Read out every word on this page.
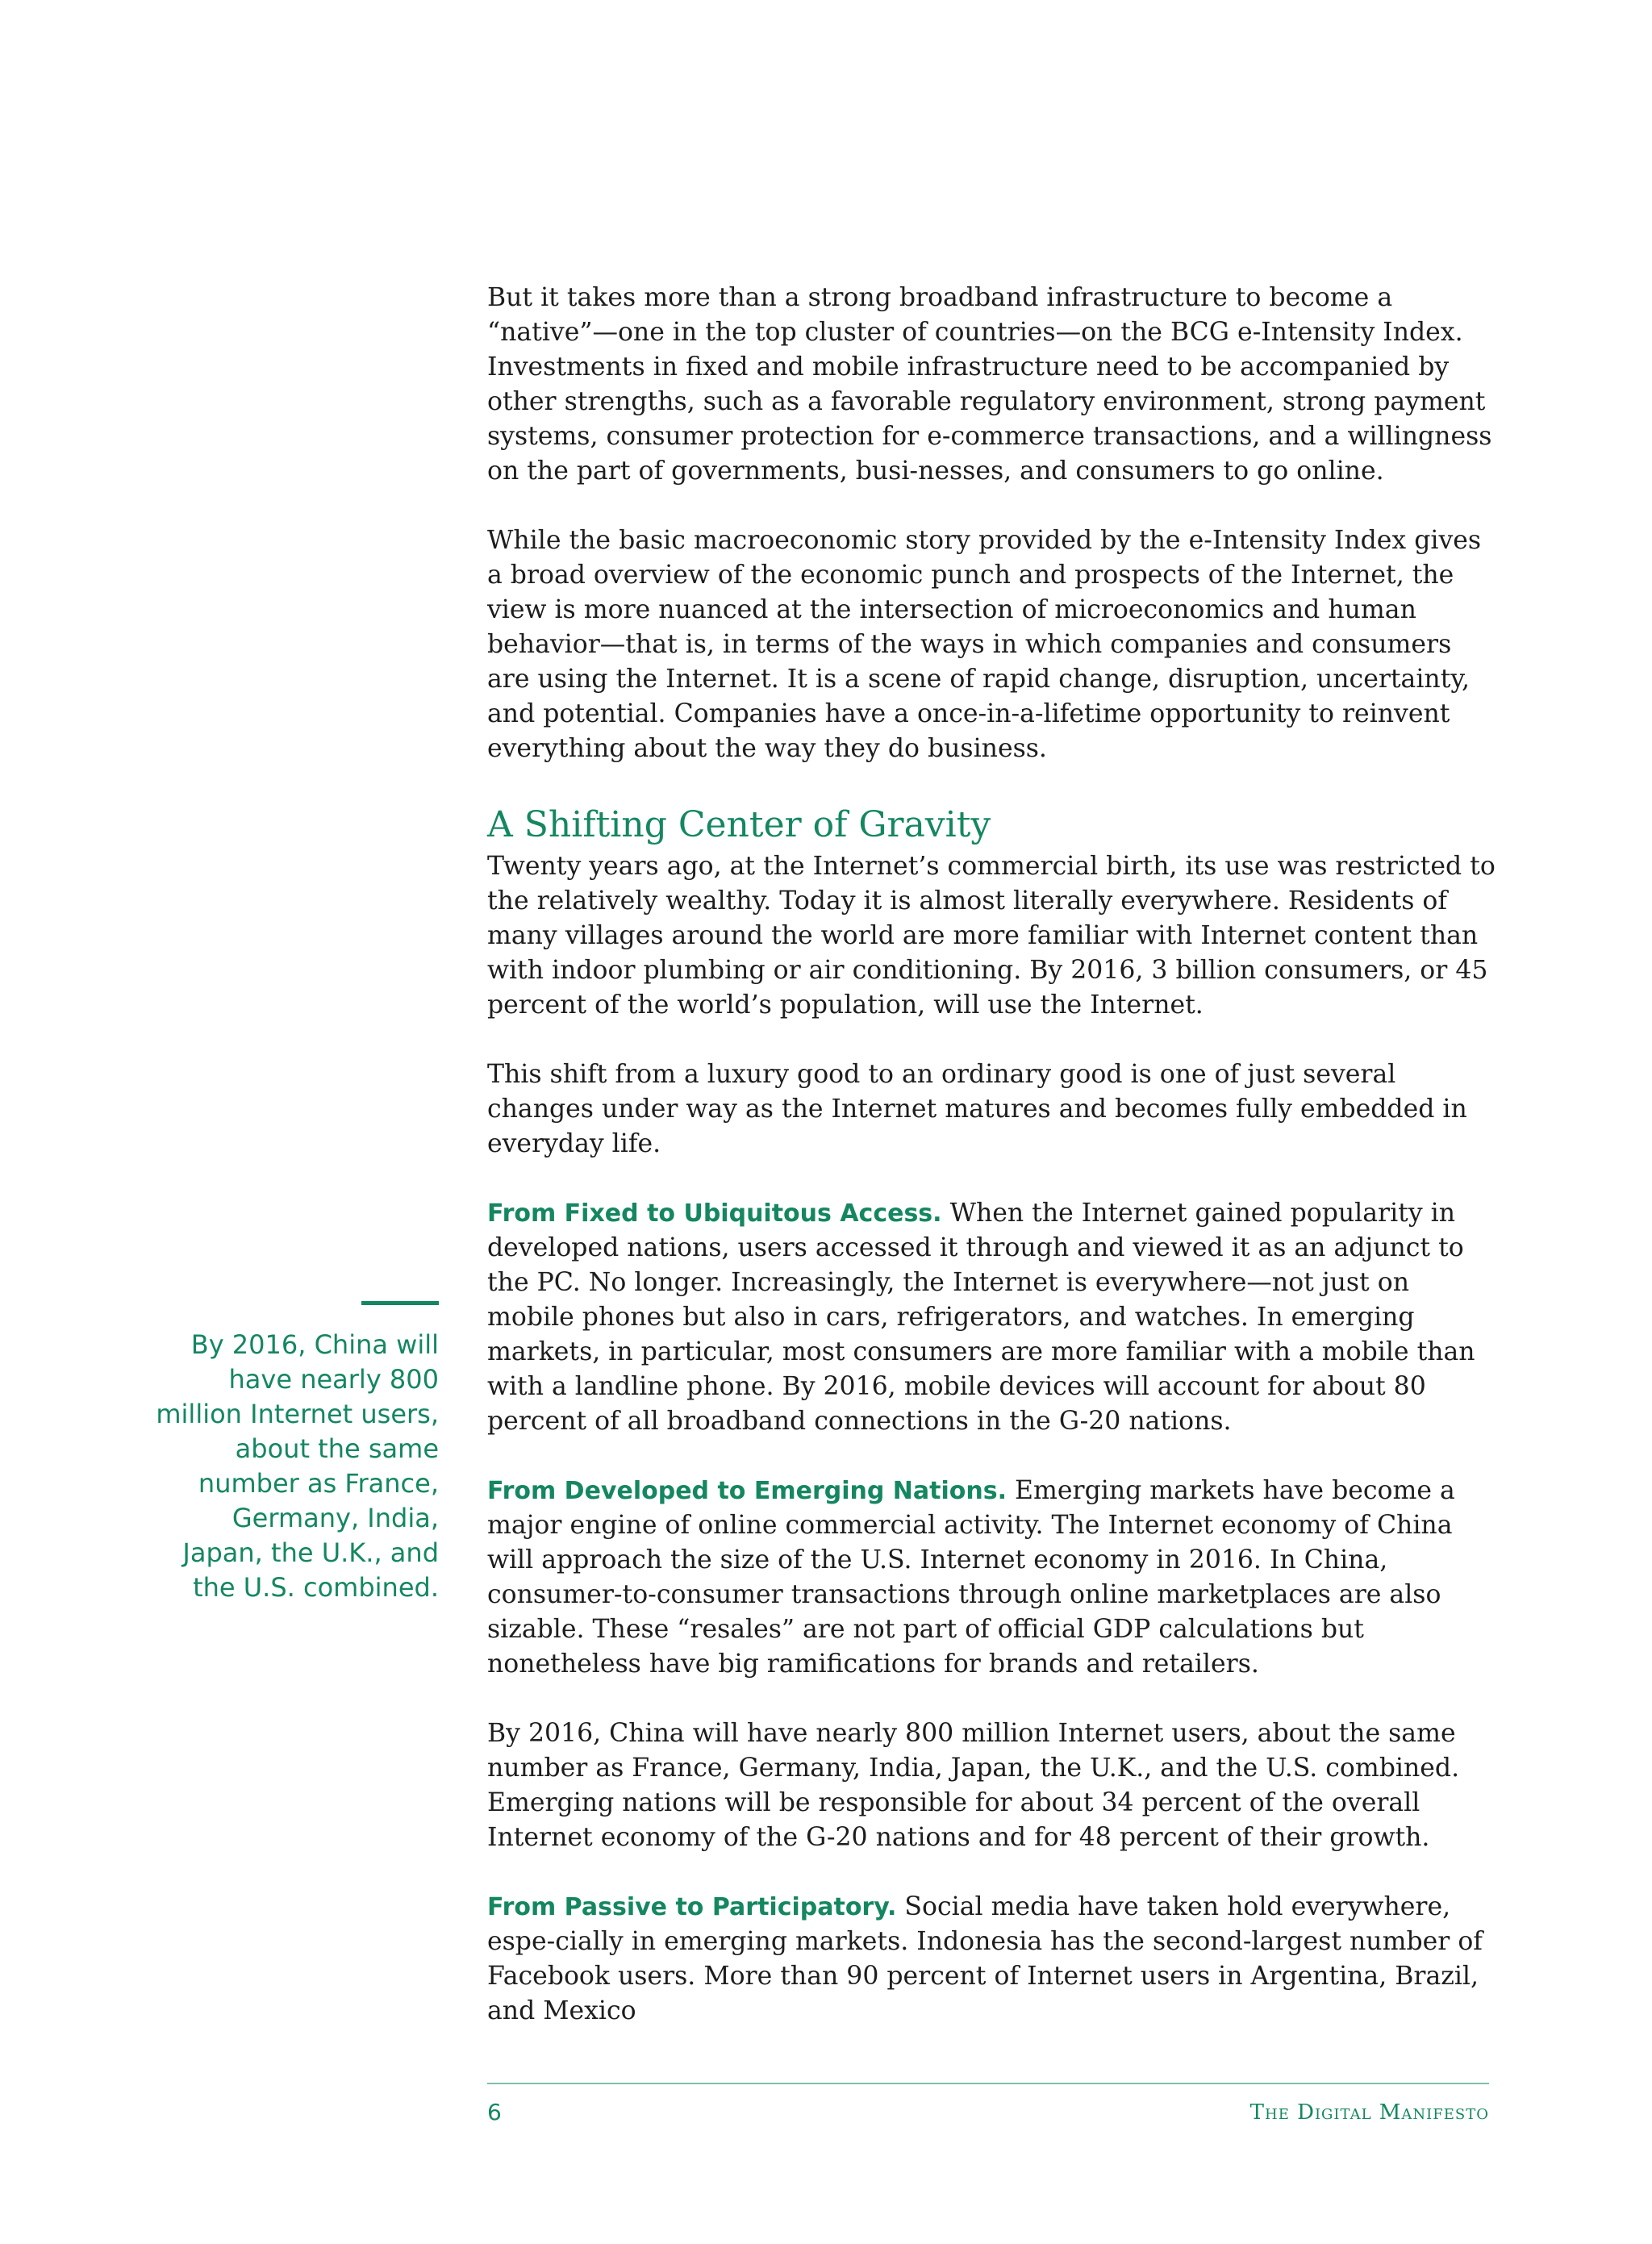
But it takes more than a strong broadband infrastructure to become a “native”—one in the top cluster of countries—on the BCG e-Intensity Index. Investments in fixed and mobile infrastructure need to be accompanied by other strengths, such as a favorable regulatory environment, strong payment systems, consumer protection for e-commerce transactions, and a willingness on the part of governments, busi-nesses, and consumers to go online.

While the basic macroeconomic story provided by the e-Intensity Index gives a broad overview of the economic punch and prospects of the Internet, the view is more nuanced at the intersection of microeconomics and human behavior—that is, in terms of the ways in which companies and consumers are using the Internet. It is a scene of rapid change, disruption, uncertainty, and potential. Companies have a once-in-a-lifetime opportunity to reinvent everything about the way they do business.

A Shifting Center of Gravity

Twenty years ago, at the Internet’s commercial birth, its use was restricted to the relatively wealthy. Today it is almost literally everywhere. Residents of many villages around the world are more familiar with Internet content than with indoor plumbing or air conditioning. By 2016, 3 billion consumers, or 45 percent of the world’s population, will use the Internet.

This shift from a luxury good to an ordinary good is one of just several changes under way as the Internet matures and becomes fully embedded in everyday life.

From Fixed to Ubiquitous Access. When the Internet gained popularity in developed nations, users accessed it through and viewed it as an adjunct to the PC. No longer. Increasingly, the Internet is everywhere—not just on mobile phones but also in cars, refrigerators, and watches. In emerging markets, in particular, most consumers are more familiar with a mobile than with a landline phone. By 2016, mobile devices will account for about 80 percent of all broadband connections in the G-20 nations.

From Developed to Emerging Nations. Emerging markets have become a major engine of online commercial activity. The Internet economy of China will approach the size of the U.S. Internet economy in 2016. In China, consumer-to-consumer transactions through online marketplaces are also sizable. These “resales” are not part of official GDP calculations but nonetheless have big ramifications for brands and retailers.

By 2016, China will have nearly 800 million Internet users, about the same number as France, Germany, India, Japan, the U.K., and the U.S. combined. Emerging nations will be responsible for about 34 percent of the overall Internet economy of the G-20 nations and for 48 percent of their growth.

From Passive to Participatory. Social media have taken hold everywhere, espe-cially in emerging markets. Indonesia has the second-largest number of Facebook users. More than 90 percent of Internet users in Argentina, Brazil, and Mexico

By 2016, China will have nearly 800 million Internet users, about the same number as France, Germany, India, Japan, the U.K., and the U.S. combined.
6	The Digital Manifesto
